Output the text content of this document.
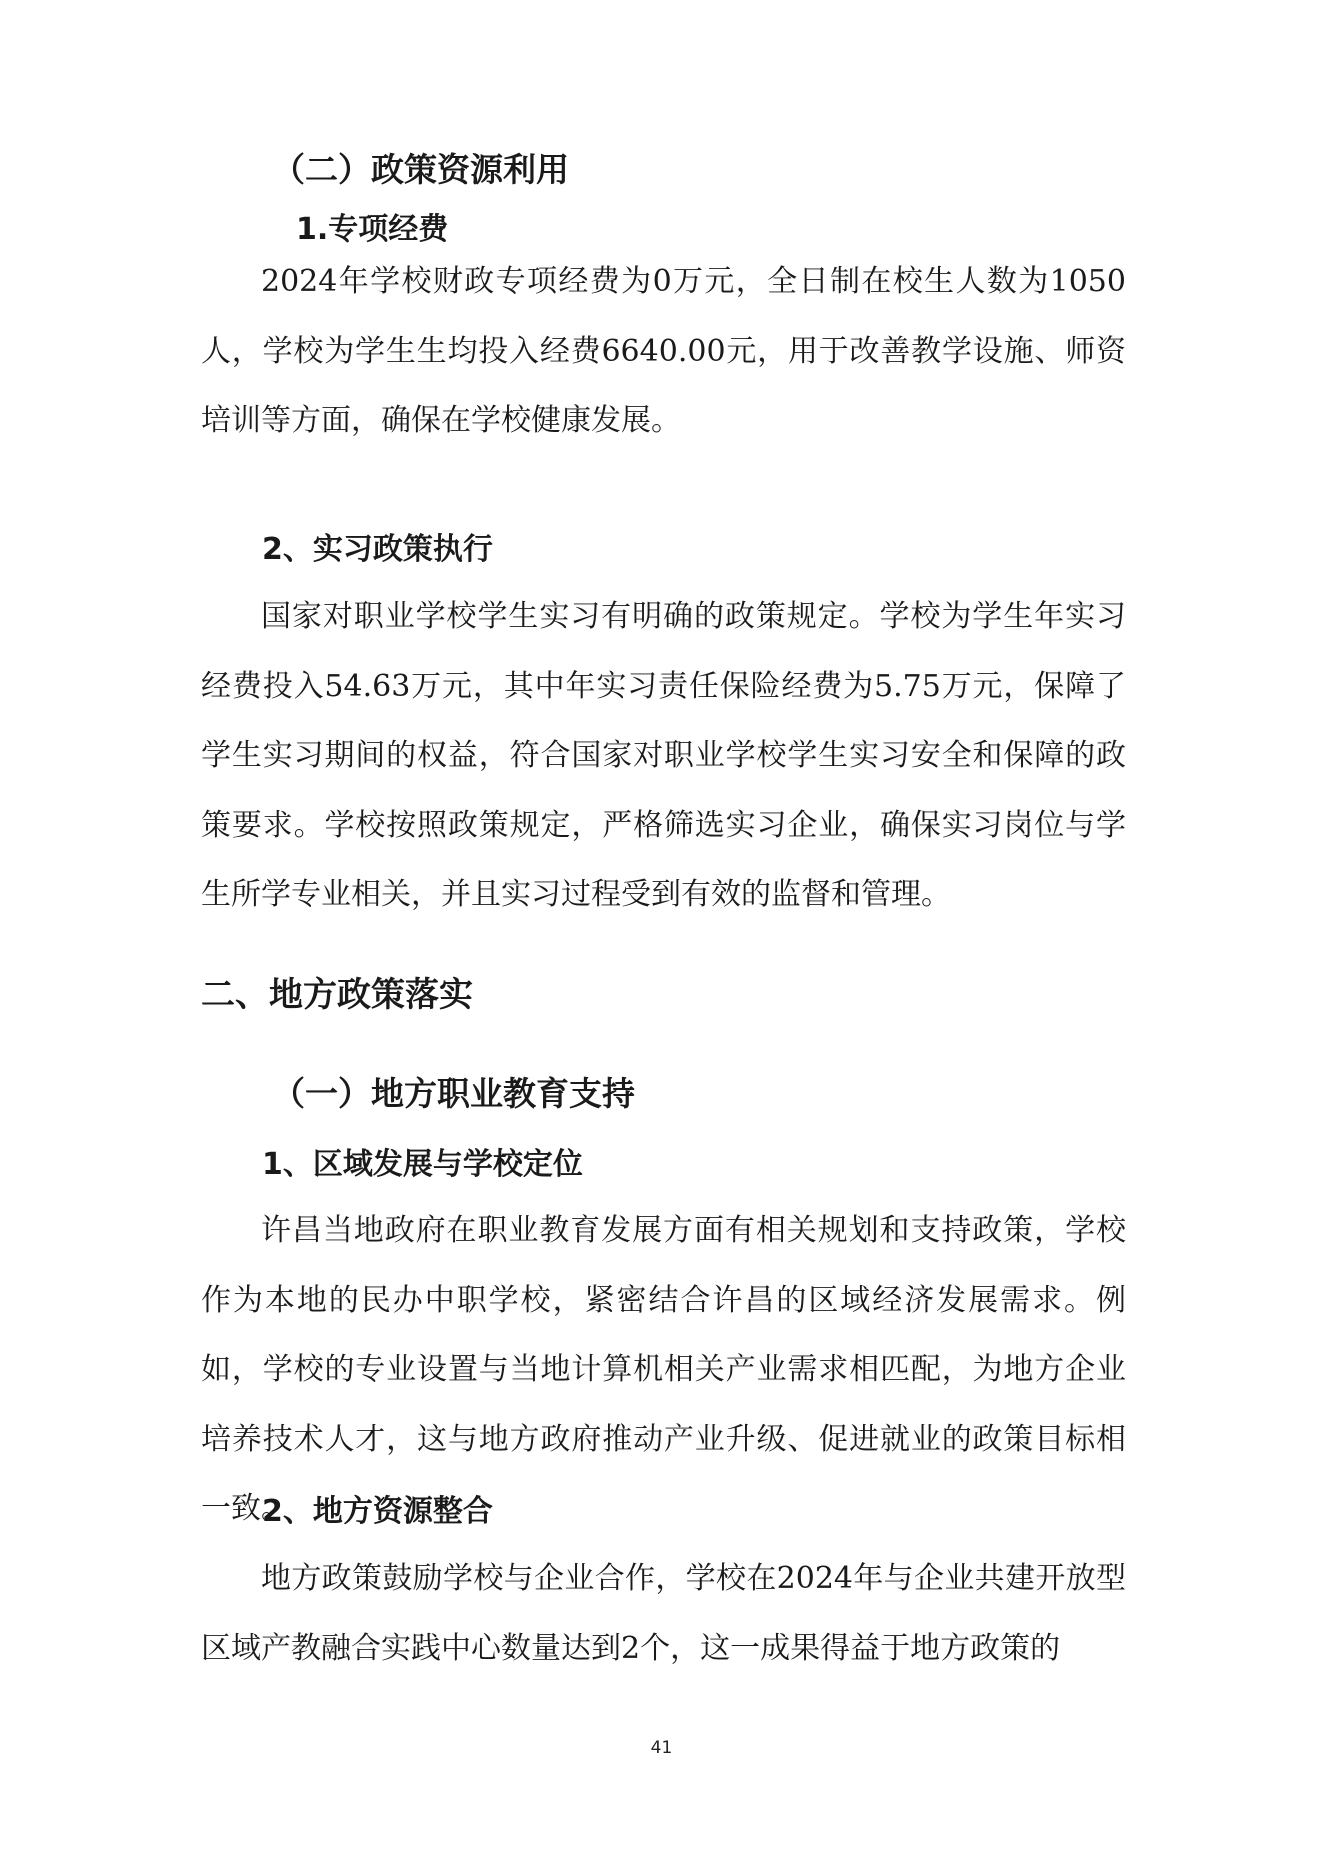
（二）政策资源利用
1.专项经费

2024年学校财政专项经费为0万元，全日制在校生人数为1050人，学校为学生生均投入经费6640.00元，用于改善教学设施、师资培训等方面，确保在学校健康发展。

2、实习政策执行

国家对职业学校学生实习有明确的政策规定。学校为学生年实习经费投入54.63万元，其中年实习责任保险经费为5.75万元，保障了学生实习期间的权益，符合国家对职业学校学生实习安全和保障的政策要求。学校按照政策规定，严格筛选实习企业，确保实习岗位与学生所学专业相关，并且实习过程受到有效的监督和管理。

二、地方政策落实
（一）地方职业教育支持
1、区域发展与学校定位

许昌当地政府在职业教育发展方面有相关规划和支持政策，学校作为本地的民办中职学校，紧密结合许昌的区域经济发展需求。例如，学校的专业设置与当地计算机相关产业需求相匹配，为地方企业培养技术人才，这与地方政府推动产业升级、促进就业的政策目标相一致。

2、地方资源整合

地方政策鼓励学校与企业合作，学校在2024年与企业共建开放型区域产教融合实践中心数量达到2个，这一成果得益于地方政策的

41
